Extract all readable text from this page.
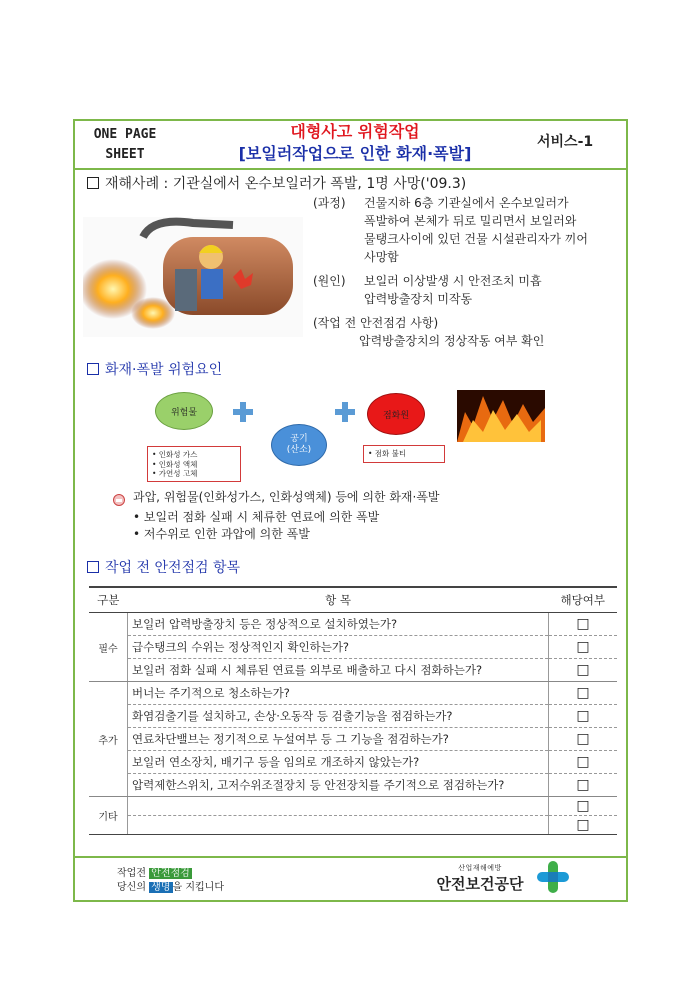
ONE PAGE
SHEET
대형사고 위험작업
[보일러작업으로 인한 화재·폭발]
서비스-1
재해사례 : 기관실에서 온수보일러가 폭발, 1명 사망('09.3)
(과정) 건물지하 6층 기관실에서 온수보일러가
폭발하여 본체가 뒤로 밀리면서 보일러와
물탱크사이에 있던 건물 시설관리자가 끼어
사망함
(원인) 보일러 이상발생 시 안전조치 미흡
압력방출장치 미작동
(작업 전 안전점검 사항)
압력방출장치의 정상작동 여부 확인
화재·폭발 위험요인
위험물
공기
(산소)
점화원
• 인화성 가스
• 인화성 액체
• 가연성 고체
• 점화 불티
과압, 위험물(인화성가스, 인화성액체) 등에 의한 화재·폭발
• 보일러 점화 실패 시 체류한 연료에 의한 폭발
• 저수위로 인한 과압에 의한 폭발
작업 전 안전점검 항목
구분	항 목	해당여부
필수	보일러 압력방출장치 등은 정상적으로 설치하였는가?	□
	급수탱크의 수위는 정상적인지 확인하는가?	□
	보일러 점화 실패 시 체류된 연료를 외부로 배출하고 다시 점화하는가?	□
추가	버너는 주기적으로 청소하는가?	□
	화염검출기를 설치하고, 손상·오동작 등 검출기능을 점검하는가?	□
	연료차단밸브는 정기적으로 누설여부 등 그 기능을 점검하는가?	□
	보일러 연소장치, 배기구 등을 임의로 개조하지 않았는가?	□
	압력제한스위치, 고저수위조절장치 등 안전장치를 주기적으로 점검하는가?	□
기타		□
		□
작업전 안전점검
당신의 생명 을 지킵니다
산업재해예방
안전보건공단
